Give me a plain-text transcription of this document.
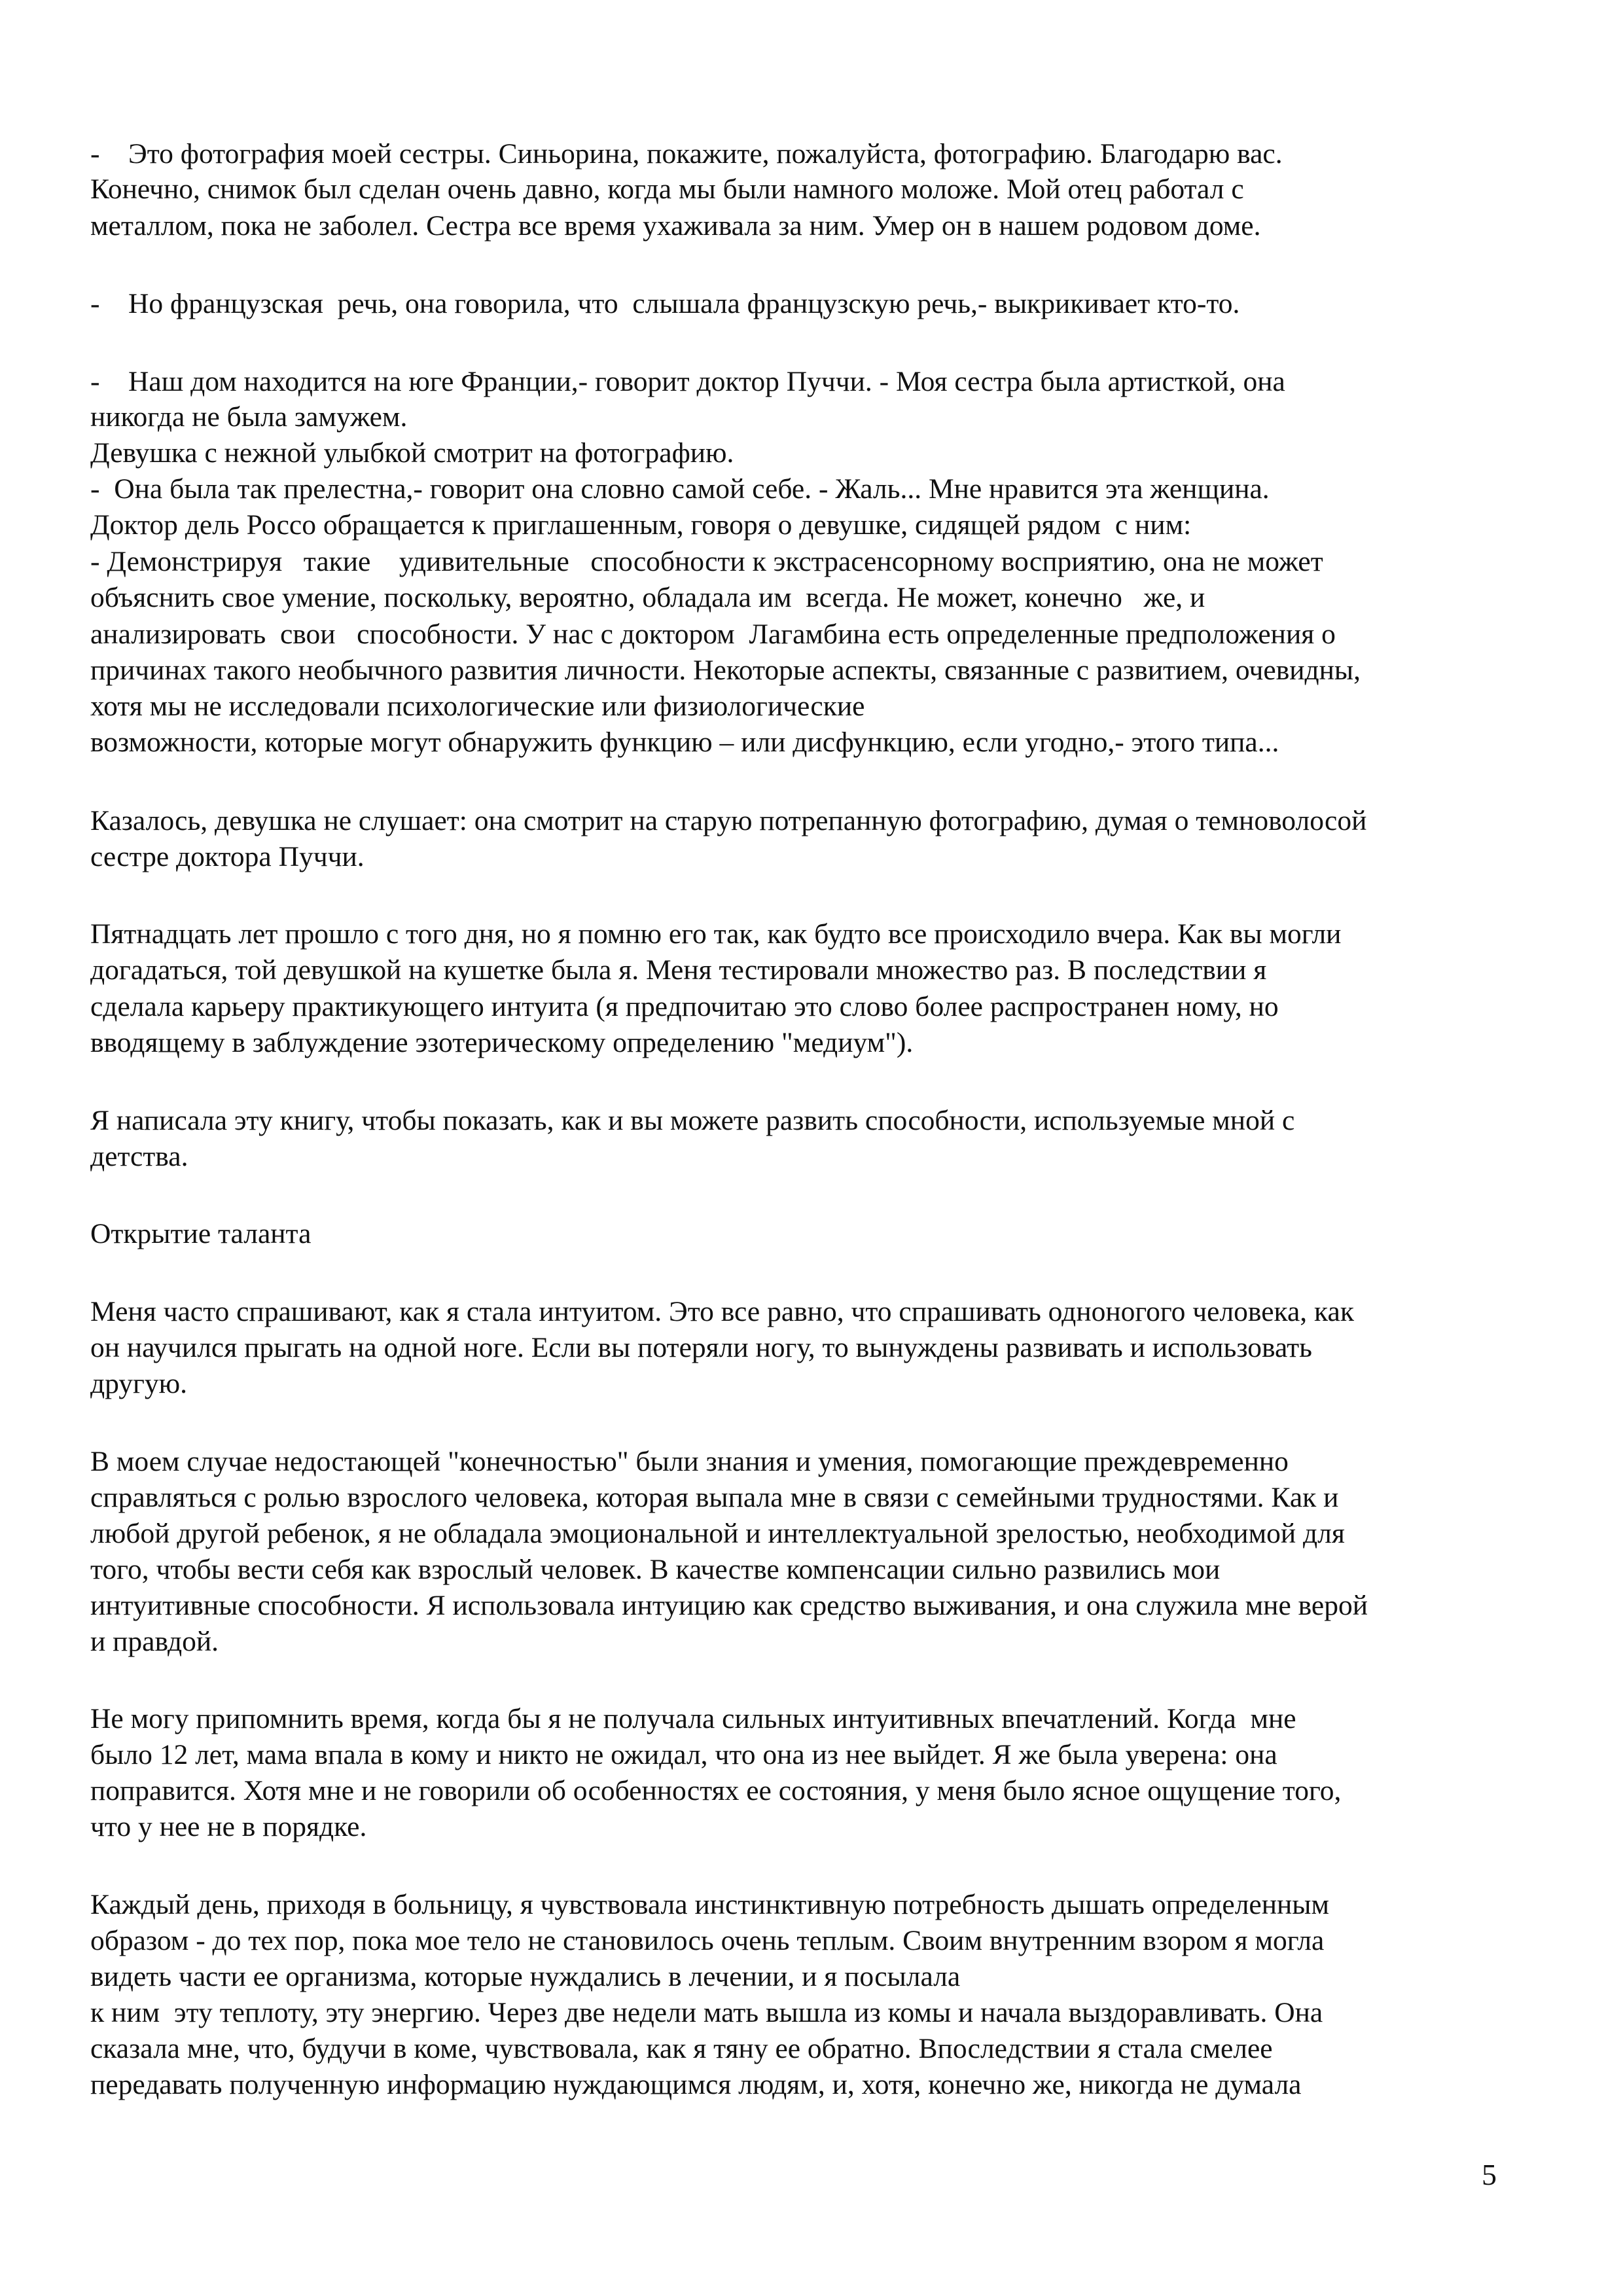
-    Это фотография моей сестры. Синьорина, покажите, пожалуйста, фотографию. Благодарю вас.

Конечно, снимок был сделан очень давно, когда мы были намного моложе. Мой отец работал с

металлом, пока не заболел. Сестра все время ухаживала за ним. Умер он в нашем родовом доме.

-    Но французская  речь, она говорила, что  слышала французскую речь,- выкрикивает кто-то.

-    Наш дом находится на юге Франции,- говорит доктор Пуччи. - Моя сестра была артисткой, она

никогда не была замужем.

Девушка с нежной улыбкой смотрит на фотографию.

-  Она была так прелестна,- говорит она словно самой себе. - Жаль... Мне нравится эта женщина.

Доктор дель Россо обращается к приглашенным, говоря о девушке, сидящей рядом  с ним:

- Демонстрируя   такие    удивительные   способности к экстрасенсорному восприятию, она не может

объяснить свое умение, поскольку, вероятно, обладала им  всегда. Не может, конечно   же, и

анализировать  свои   способности. У нас с доктором  Лагамбина есть определенные предположения о

причинах такого необычного развития личности. Некоторые аспекты, связанные с развитием, очевидны,

хотя мы не исследовали психологические или физиологические

возможности, которые могут обнаружить функцию – или дисфункцию, если угодно,- этого типа...

Казалось, девушка не слушает: она смотрит на старую потрепанную фотографию, думая о темноволосой

сестре доктора Пуччи.

Пятнадцать лет прошло с того дня, но я помню его так, как будто все происходило вчера. Как вы могли

догадаться, той девушкой на кушетке была я. Меня тестировали множество раз. В последствии я

сделала карьеру практикующего интуита (я предпочитаю это слово более распространен ному, но

вводящему в заблуждение эзотерическому определению "медиум").

Я написала эту книгу, чтобы показать, как и вы можете развить способности, используемые мной с

детства.

Открытие таланта

Меня часто спрашивают, как я стала интуитом. Это все равно, что спрашивать одноногого человека, как

он научился прыгать на одной ноге. Если вы потеряли ногу, то вынуждены развивать и использовать

другую.

В моем случае недостающей "конечностью" были знания и умения, помогающие преждевременно

справляться с ролью взрослого человека, которая выпала мне в связи с семейными трудностями. Как и

любой другой ребенок, я не обладала эмоциональной и интеллектуальной зрелостью, необходимой для

того, чтобы вести себя как взрослый человек. В качестве компенсации сильно развились мои

интуитивные способности. Я использовала интуицию как средство выживания, и она служила мне верой

и правдой.

Не могу припомнить время, когда бы я не получала сильных интуитивных впечатлений. Когда  мне

было 12 лет, мама впала в кому и никто не ожидал, что она из нее выйдет. Я же была уверена: она

поправится. Хотя мне и не говорили об особенностях ее состояния, у меня было ясное ощущение того,

что у нее не в порядке.

Каждый день, приходя в больницу, я чувствовала инстинктивную потребность дышать определенным

образом - до тех пор, пока мое тело не становилось очень теплым. Своим внутренним взором я могла

видеть части ее организма, которые нуждались в лечении, и я посылала

к ним  эту теплоту, эту энергию. Через две недели мать вышла из комы и начала выздоравливать. Она

сказала мне, что, будучи в коме, чувствовала, как я тяну ее обратно. Впоследствии я стала смелее

передавать полученную информацию нуждающимся людям, и, хотя, конечно же, никогда не думала

5
